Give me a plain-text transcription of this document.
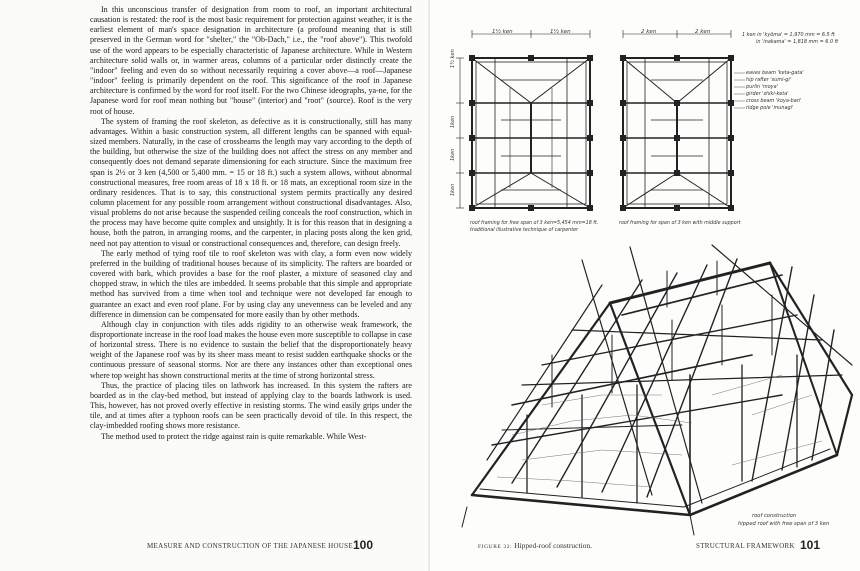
In this unconscious transfer of designation from room to roof, an important architectural causation is restated: the roof is the most basic requirement for protection against weather, it is the earliest element of man's space designation in architecture (a profound meaning that is still preserved in the German word for "shelter," the "Ob-Dach," i.e., the "roof above"). This twofold use of the word appears to be especially characteristic of Japanese architecture. While in Western architecture solid walls or, in warmer areas, columns of a particular order distinctly create the "indoor" feeling and even do so without necessarily requiring a cover above—a roof—Japanese "indoor" feeling is primarily dependent on the roof. This significance of the roof in Japanese architecture is confirmed by the word for roof itself. For the two Chinese ideographs, ya-ne, for the Japanese word for roof mean nothing but "house" (interior) and "root" (source). Roof is the very root of house.

The system of framing the roof skeleton, as defective as it is constructionally, still has many advantages. Within a basic construction system, all different lengths can be spanned with equal-sized members. Naturally, in the case of crossbeams the length may vary according to the depth of the building, but otherwise the size of the building does not affect the stress on any member and consequently does not demand separate dimensioning for each structure. Since the maximum free span is 2½ or 3 ken (4,500 or 5,400 mm. = 15 or 18 ft.) such a system allows, without abnormal constructional measures, free room areas of 18 x 18 ft. or 18 mats, an exceptional room size in the ordinary residences. That is to say, this constructional system permits practically any desired column placement for any possible room arrangement without constructional disadvantages. Also, visual problems do not arise because the suspended ceiling conceals the roof construction, which in the process may have become quite complex and unsightly. It is for this reason that in designing a house, both the patron, in arranging rooms, and the carpenter, in placing posts along the ken grid, need not pay attention to visual or constructional consequences and, therefore, can design freely.

The early method of tying roof tile to roof skeleton was with clay, a form even now widely preferred in the building of traditional houses because of its simplicity. The rafters are boarded or covered with bark, which provides a base for the roof plaster, a mixture of seasoned clay and chopped straw, in which the tiles are imbedded. It seems probable that this simple and appropriate method has survived from a time when tool and technique were not developed far enough to guarantee an exact and even roof plane. For by using clay any unevenness can be leveled and any difference in dimension can be compensated for more easily than by other methods.

Although clay in conjunction with tiles adds rigidity to an otherwise weak framework, the disproportionate increase in the roof load makes the house even more susceptible to collapse in case of horizontal stress. There is no evidence to sustain the belief that the disproportionately heavy weight of the Japanese roof was by its sheer mass meant to resist sudden earthquake shocks or the continuous pressure of seasonal storms. Nor are there any instances other than exceptional ones where top weight has shown constructional merits at the time of strong horizontal stress.

Thus, the practice of placing tiles on lathwork has increased. In this system the rafters are boarded as in the clay-bed method, but instead of applying clay to the boards lathwork is used. This, however, has not proved overly effective in resisting storms. The wind easily grips under the tile, and at times after a typhoon roofs can be seen practically devoid of tile. In this respect, the clay-imbedded roofing shows more resistance.

The method used to protect the ridge against rain is quite remarkable. While West-

MEASURE AND CONSTRUCTION OF THE JAPANESE HOUSE 100
1½ ken	1½ ken
1½ ken
1ken
1ken
1ken
roof framing for free span of 3 ken=5,454 mm=18 ft.
traditional illustrative technique of carpenter
2 ken	2 ken
roof framing for span of 3 ken with middle support
1 ken in 'kyōma' = 1,970 mm = 6.5 ft
in 'inakama' = 1,818 mm = 6.0 ft
eaves beam 'keta-gata'
hip rafter 'sumi-gi'
purlin 'moya'
girder 'shiki-keta'
cross beam 'koya-bari'
ridge pole 'munagi'
roof construction
hipped roof with free span of 3 ken
FIGURE 32: Hipped-roof construction.	STRUCTURAL FRAMEWORK 101
